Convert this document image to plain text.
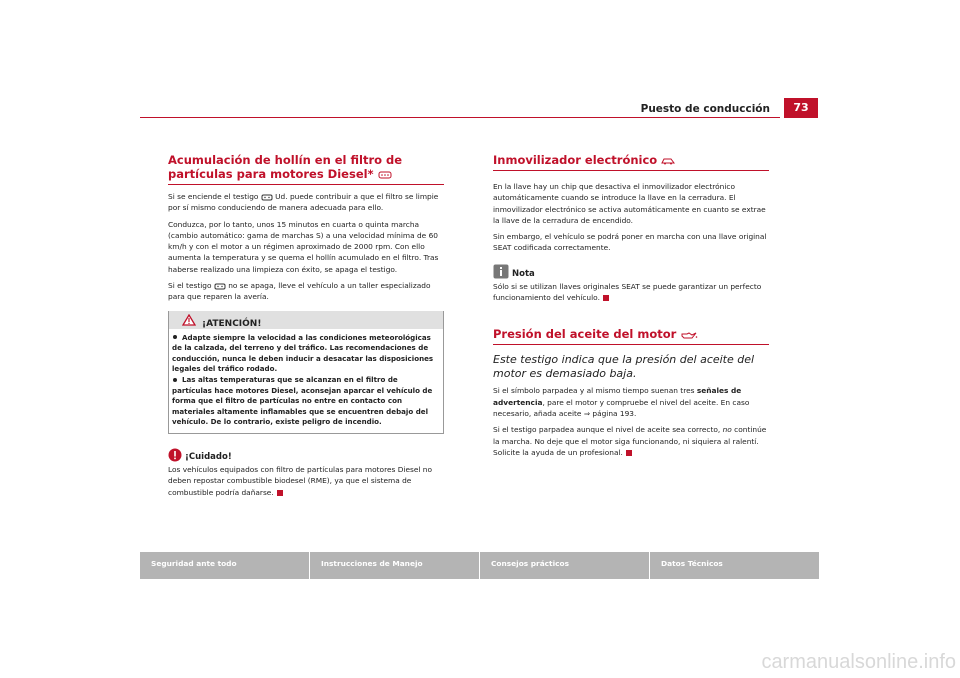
Puesto de conducción	73
Acumulación de hollín en el filtro de partículas para motores Diesel*

Si se enciende el testigo Ud. puede contribuir a que el filtro se limpie por sí mismo conduciendo de manera adecuada para ello.

Conduzca, por lo tanto, unos 15 minutos en cuarta o quinta marcha (cambio automático: gama de marchas S) a una velocidad mínima de 60 km/h y con el motor a un régimen aproximado de 2000 rpm. Con ello aumenta la temperatura y se quema el hollín acumulado en el filtro. Tras haberse realizado una limpieza con éxito, se apaga el testigo.

Si el testigo no se apaga, lleve el vehículo a un taller especializado para que reparen la avería.

¡ATENCIÓN!

Adapte siempre la velocidad a las condiciones meteorológicas de la calzada, del terreno y del tráfico. Las recomendaciones de conducción, nunca le deben inducir a desacatar las disposiciones legales del tráfico rodado.

Las altas temperaturas que se alcanzan en el filtro de partículas hace motores Diesel, aconsejan aparcar el vehículo de forma que el filtro de partículas no entre en contacto con materiales altamente inflamables que se encuentren debajo del vehículo. De lo contrario, existe peligro de incendio.

¡Cuidado!

Los vehículos equipados con filtro de partículas para motores Diesel no deben repostar combustible biodesel (RME), ya que el sistema de combustible podría dañarse.

Inmovilizador electrónico

En la llave hay un chip que desactiva el inmovilizador electrónico automáticamente cuando se introduce la llave en la cerradura. El inmovilizador electrónico se activa automáticamente en cuanto se extrae la llave de la cerradura de encendido.

Sin embargo, el vehículo se podrá poner en marcha con una llave original SEAT codificada correctamente.

Nota

Sólo si se utilizan llaves originales SEAT se puede garantizar un perfecto funcionamiento del vehículo.

Presión del aceite del motor
Este testigo indica que la presión del aceite del motor es demasiado baja.

Si el símbolo parpadea y al mismo tiempo suenan tres señales de advertencia, pare el motor y compruebe el nivel del aceite. En caso necesario, añada aceite ⇒ página 193.

Si el testigo parpadea aunque el nivel de aceite sea correcto, no continúe la marcha. No deje que el motor siga funcionando, ni siquiera al ralentí. Solicite la ayuda de un profesional.

Seguridad ante todo	Instrucciones de Manejo	Consejos prácticos	Datos Técnicos
carmanualsonline.info
